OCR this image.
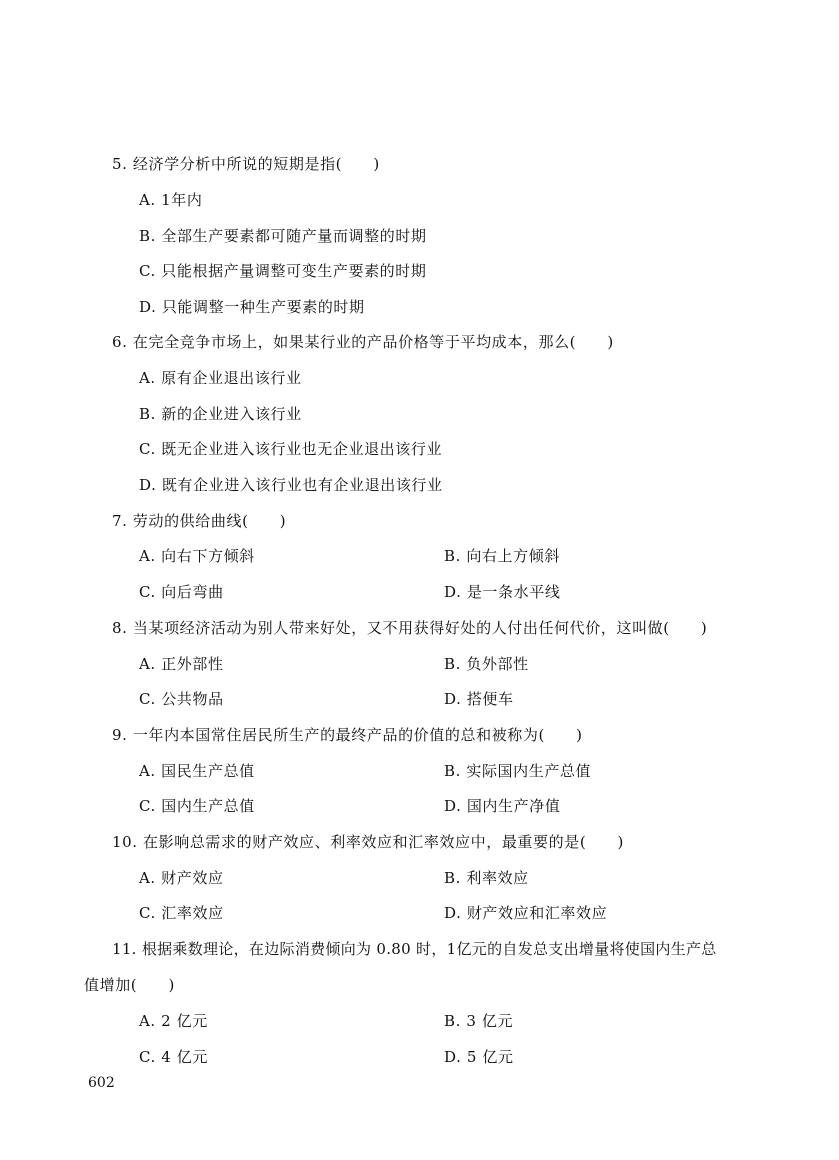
5. 经济学分析中所说的短期是指(　　)
A. 1年内
B. 全部生产要素都可随产量而调整的时期
C. 只能根据产量调整可变生产要素的时期
D. 只能调整一种生产要素的时期
6. 在完全竞争市场上，如果某行业的产品价格等于平均成本，那么(　　)
A. 原有企业退出该行业
B. 新的企业进入该行业
C. 既无企业进入该行业也无企业退出该行业
D. 既有企业进入该行业也有企业退出该行业
7. 劳动的供给曲线(　　)
A. 向右下方倾斜	B. 向右上方倾斜
C. 向后弯曲	D. 是一条水平线
8. 当某项经济活动为别人带来好处，又不用获得好处的人付出任何代价，这叫做(　　)
A. 正外部性	B. 负外部性
C. 公共物品	D. 搭便车
9. 一年内本国常住居民所生产的最终产品的价值的总和被称为(　　)
A. 国民生产总值	B. 实际国内生产总值
C. 国内生产总值	D. 国内生产净值
10. 在影响总需求的财产效应、利率效应和汇率效应中，最重要的是(　　)
A. 财产效应	B. 利率效应
C. 汇率效应	D. 财产效应和汇率效应
11. 根据乘数理论，在边际消费倾向为 0.80 时，1亿元的自发总支出增量将使国内生产总
值增加(　　)
A. 2 亿元	B. 3 亿元
C. 4 亿元	D. 5 亿元
602
